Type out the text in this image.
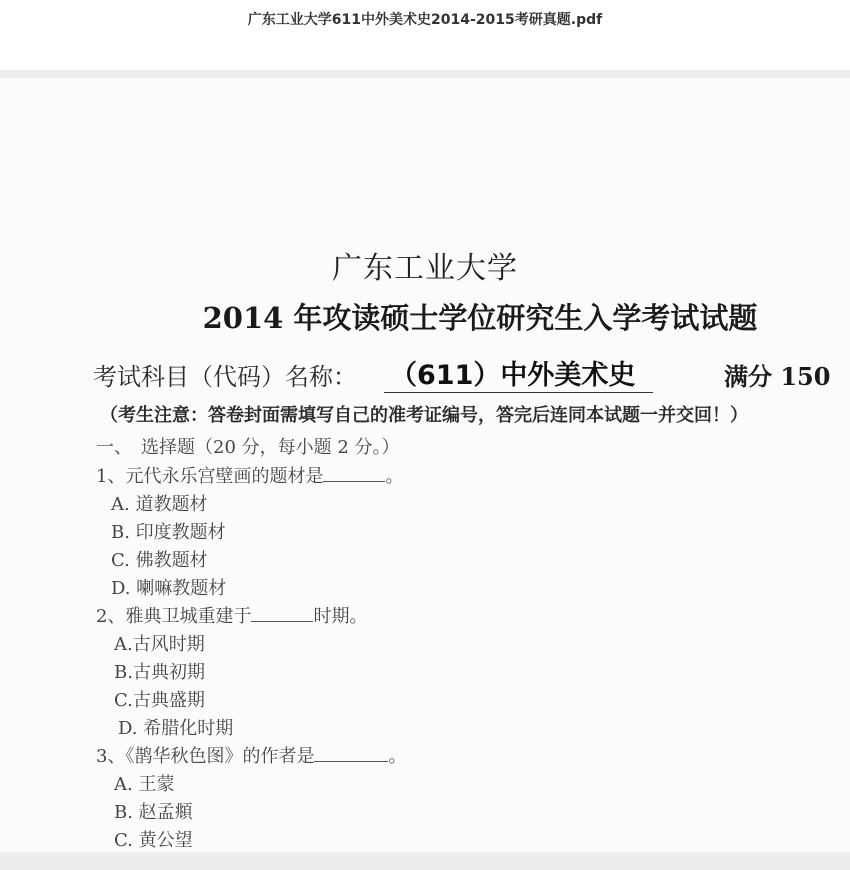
广东工业大学611中外美术史2014-2015考研真题.pdf
广东工业大学
2014 年攻读硕士学位研究生入学考试试题
考试科目（代码）名称： （611）中外美术史	满分 150
（考生注意：答卷封面需填写自己的准考证编号，答完后连同本试题一并交回！）
一、　选择题（20 分，每小题 2 分。）
1、元代永乐宫壁画的题材是	。
A. 道教题材
B. 印度教题材
C. 佛教题材
D. 喇嘛教题材
2、雅典卫城重建于	时期。
A.古风时期
B.古典初期
C.古典盛期
D. 希腊化时期
3、《鹊华秋色图》的作者是	。
A. 王蒙
B. 赵孟頫
C. 黄公望
